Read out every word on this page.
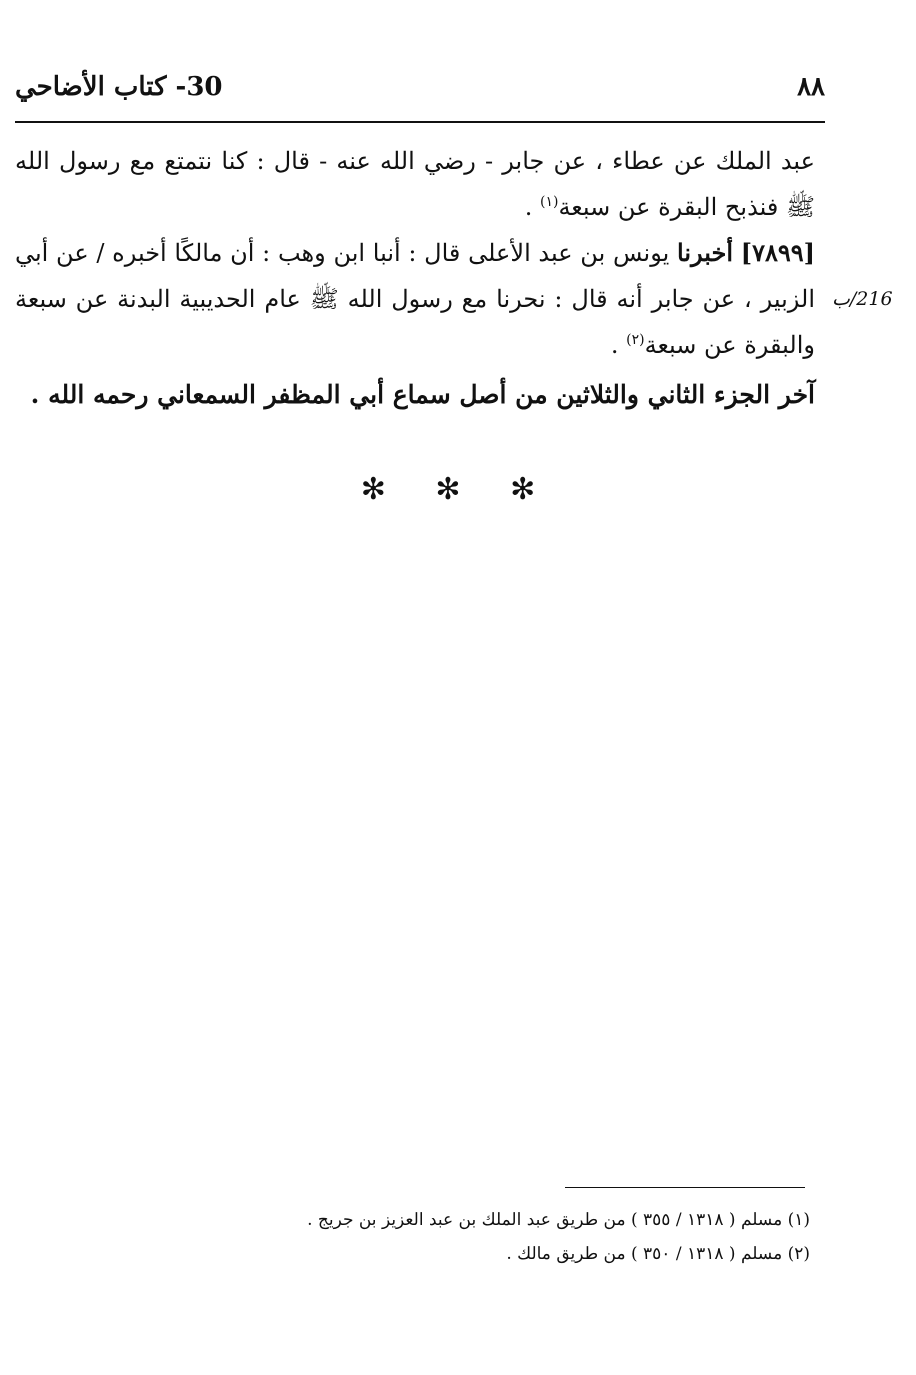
٨٨
30- كتاب الأضاحي
216/ب

عبد الملك عن عطاء ، عن جابر - رضي الله عنه - قال : كنا نتمتع مع رسول الله ﷺ فنذبح البقرة عن سبعة$^{(١)}$ .

[٧٨٩٩] أخبرنا يونس بن عبد الأعلى قال : أنبا ابن وهب : أن مالكًا أخبره / عن أبي الزبير ، عن جابر أنه قال : نحرنا مع رسول الله ﷺ عام الحديبية البدنة عن سبعة والبقرة عن سبعة$^{(٢)}$ .

آخر الجزء الثاني والثلاثين من أصل سماع أبي المظفر السمعاني رحمه الله .

✻ ✻ ✻

(١) مسلم ( ١٣١٨ / ٣٥٥ ) من طريق عبد الملك بن عبد العزيز بن جريج .

(٢) مسلم ( ١٣١٨ / ٣٥٠ ) من طريق مالك .
